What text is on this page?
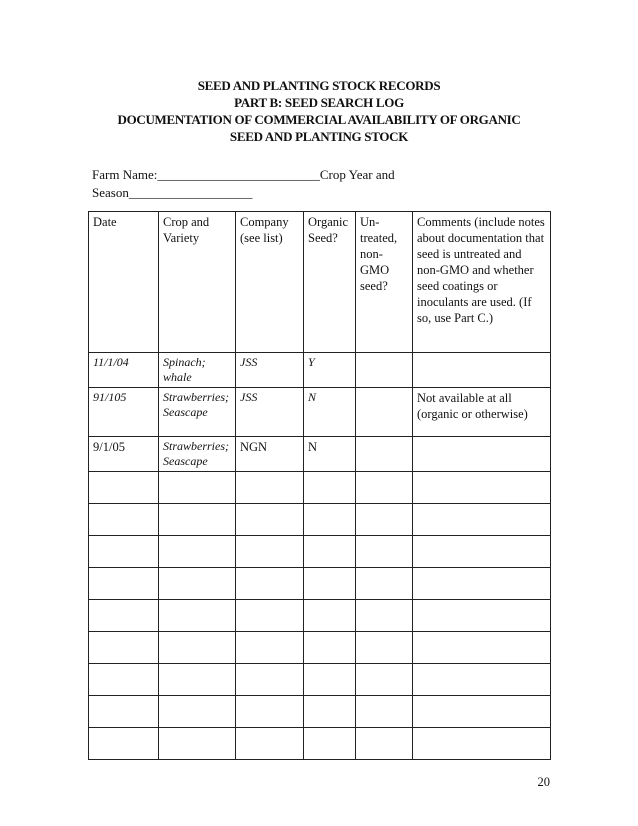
SEED AND PLANTING STOCK RECORDS
PART B: SEED SEARCH LOG
DOCUMENTATION OF COMMERCIAL AVAILABILITY OF ORGANIC
SEED AND PLANTING STOCK
Farm Name:_________________________Crop Year and
Season___________________
Date	Crop and Variety	Company (see list)	Organic Seed?	Un-treated, non-GMO seed?	Comments (include notes about documentation that seed is untreated and non-GMO and whether seed coatings or inoculants are used. (If so, use Part C.)
11/1/04	Spinach; whale	JSS	Y		
91/105	Strawberries; Seascape	JSS	N		Not available at all (organic or otherwise)
9/1/05	Strawberries; Seascape	NGN	N		

20
